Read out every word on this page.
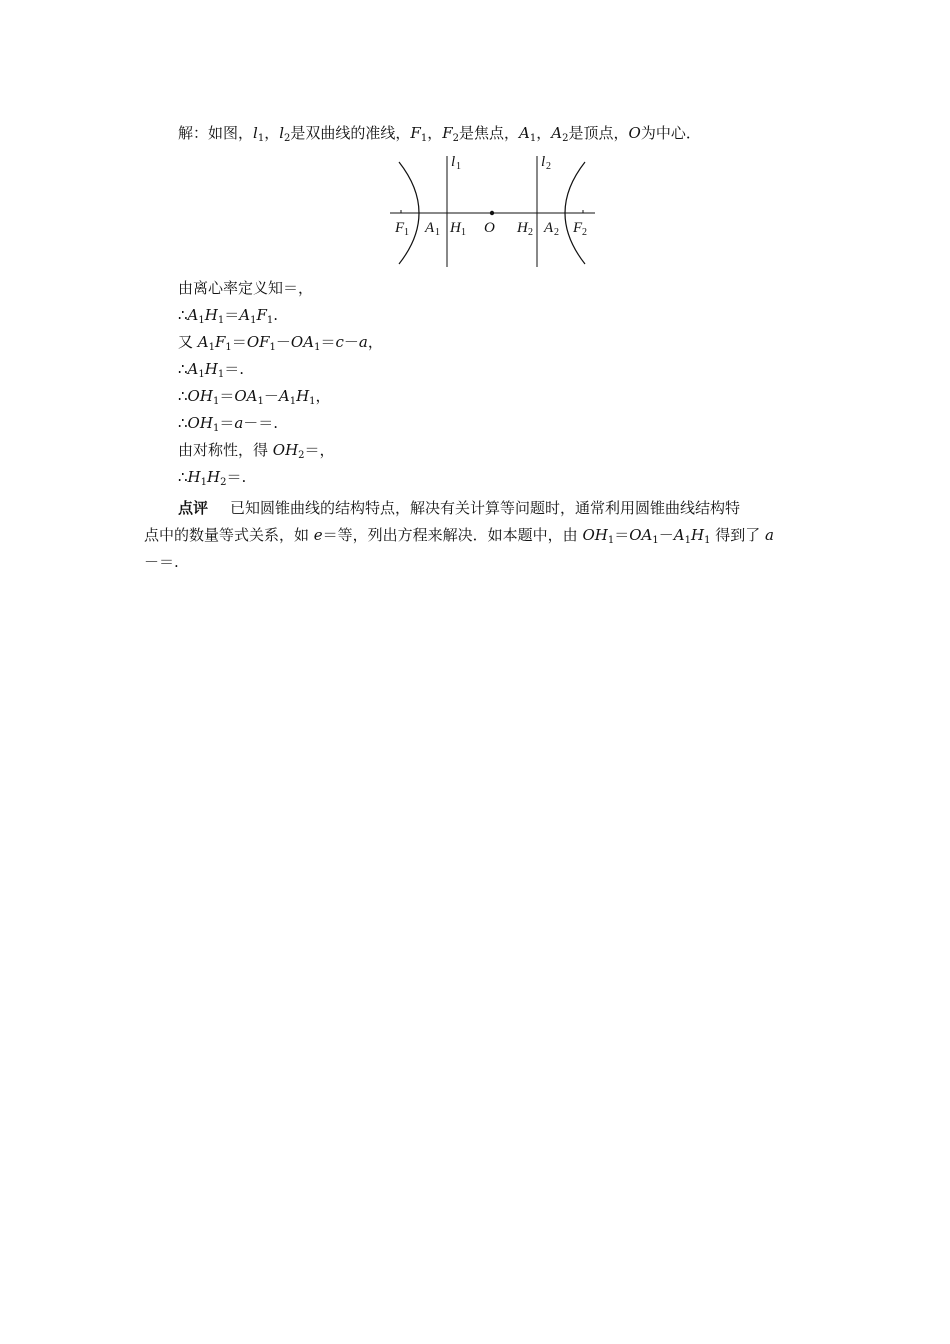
解：如图，$l_1$，$l_2$是双曲线的准线，$F_1$，$F_2$是焦点，$A_1$，$A_2$是顶点，O为中心．
l 1	l 2
F 1 A 1 H 1 O H 2 A 2 F 2
由离心率定义知＝，
$\therefore A_1H_1=A_1F_1$.
又 $A_1F_1=OF_1-OA_1=c-a$，
$\therefore A_1H_1=$.
$\therefore OH_1=OA_1-A_1H_1$，
$\therefore OH_1=a-=$.
由对称性，得 $OH_2=$，
$\therefore H_1H_2=$.
点评 已知圆锥曲线的结构特点，解决有关计算等问题时，通常利用圆锥曲线结构特
点中的数量等式关系，如 e＝等，列出方程来解决．如本题中，由 $OH_1=OA_1-A_1H_1$ 得到了 a
－＝.
